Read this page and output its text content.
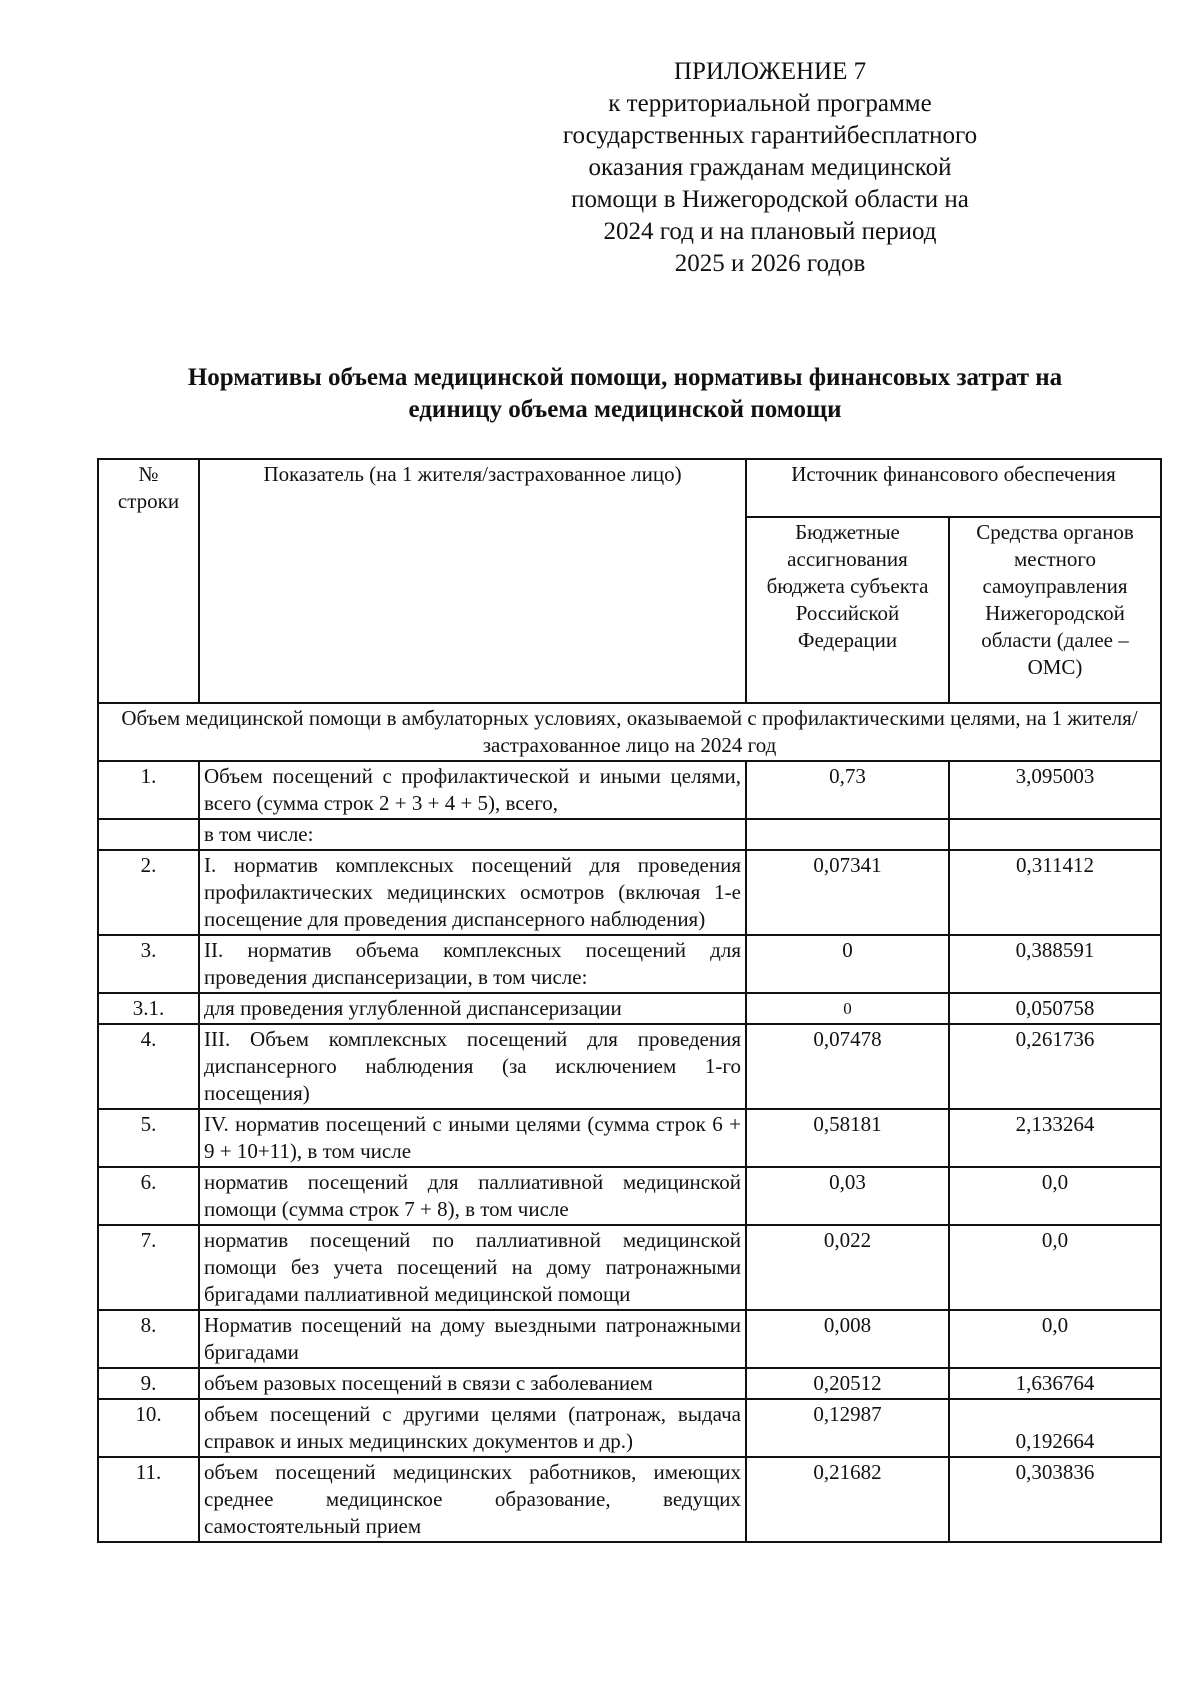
ПРИЛОЖЕНИЕ 7
к территориальной программе
государственных гарантийбесплатного
оказания гражданам медицинской
помощи в Нижегородской области на
2024 год и на плановый период
2025 и 2026 годов
Нормативы объема медицинской помощи, нормативы финансовых затрат на
единицу объема медицинской помощи
№ строки	Показатель (на 1 жителя/застрахованное лицо)	Источник финансового обеспечения	
		Бюджетные ассигнования бюджета субъекта Российской Федерации	Средства органов местного самоуправления Нижегородской области (далее – ОМС)
Объем медицинской помощи в амбулаторных условиях, оказываемой с профилактическими целями, на 1 жителя/застрахованное лицо на 2024 год			
1.	Объем посещений с профилактической и иными целями, всего (сумма строк 2 + 3 + 4 + 5), всего,	0,73	3,095003
	в том числе:		
2.	I. норматив комплексных посещений для проведения профилактических медицинских осмотров (включая 1-е посещение для проведения диспансерного наблюдения)	0,07341	0,311412
3.	II. норматив объема комплексных посещений для проведения диспансеризации, в том числе:	0	0,388591
3.1.	для проведения углубленной диспансеризации	0	0,050758
4.	III. Объем комплексных посещений для проведения диспансерного наблюдения (за исключением 1-го посещения)	0,07478	0,261736
5.	IV. норматив посещений с иными целями (сумма строк 6 + 9 + 10+11), в том числе	0,58181	2,133264
6.	норматив посещений для паллиативной медицинской помощи (сумма строк 7 + 8), в том числе	0,03	0,0
7.	норматив посещений по паллиативной медицинской помощи без учета посещений на дому патронажными бригадами паллиативной медицинской помощи	0,022	0,0
8.	Норматив посещений на дому выездными патронажными бригадами	0,008	0,0
9.	объем разовых посещений в связи с заболеванием	0,20512	1,636764
10.	объем посещений с другими целями (патронаж, выдача справок и иных медицинских документов и др.)	0,12987	0,192664
11.	объем посещений медицинских работников, имеющих среднее медицинское образование, ведущих самостоятельный прием	0,21682	0,303836
